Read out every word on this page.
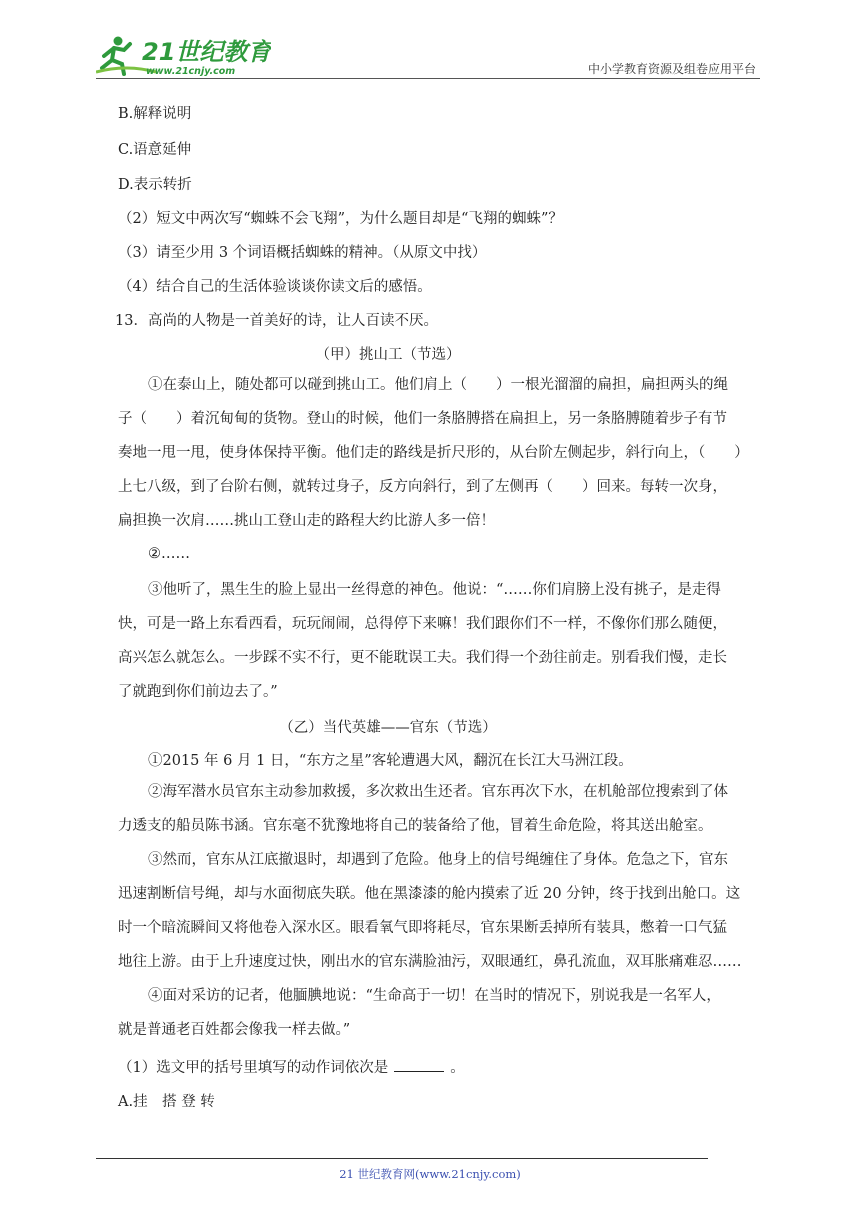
21世纪教育
www.21cnjy.com	中小学教育资源及组卷应用平台
B.解释说明
C.语意延伸
D.表示转折
（2）短文中两次写“蜘蛛不会飞翔”，为什么题目却是“飞翔的蜘蛛”？
（3）请至少用 3 个词语概括蜘蛛的精神。（从原文中找）
（4）结合自己的生活体验谈谈你读文后的感悟。
13．高尚的人物是一首美好的诗，让人百读不厌。
（甲）挑山工（节选）

①在泰山上，随处都可以碰到挑山工。他们肩上（　　）一根光溜溜的扁担，扁担两头的绳

子（　　）着沉甸甸的货物。登山的时候，他们一条胳膊搭在扁担上，另一条胳膊随着步子有节

奏地一甩一甩，使身体保持平衡。他们走的路线是折尺形的，从台阶左侧起步，斜行向上，（　　）

上七八级，到了台阶右侧，就转过身子，反方向斜行，到了左侧再（　　）回来。每转一次身，

扁担换一次肩……挑山工登山走的路程大约比游人多一倍！

②……

③他听了，黑生生的脸上显出一丝得意的神色。他说：“……你们肩膀上没有挑子，是走得

快，可是一路上东看西看，玩玩闹闹，总得停下来嘛！我们跟你们不一样，不像你们那么随便，

高兴怎么就怎么。一步踩不实不行，更不能耽误工夫。我们得一个劲往前走。别看我们慢，走长

了就跑到你们前边去了。”

（乙）当代英雄——官东（节选）
①2015 年 6 月 1 日，“东方之星”客轮遭遇大风，翻沉在长江大马洲江段。

②海军潜水员官东主动参加救援，多次救出生还者。官东再次下水，在机舱部位搜索到了体

力透支的船员陈书涵。官东毫不犹豫地将自己的装备给了他，冒着生命危险，将其送出舱室。

③然而，官东从江底撤退时，却遇到了危险。他身上的信号绳缠住了身体。危急之下，官东

迅速割断信号绳，却与水面彻底失联。他在黑漆漆的舱内摸索了近 20 分钟，终于找到出舱口。这

时一个暗流瞬间又将他卷入深水区。眼看氧气即将耗尽，官东果断丢掉所有装具，憋着一口气猛

地往上游。由于上升速度过快，刚出水的官东满脸油污，双眼通红，鼻孔流血，双耳胀痛难忍……

④面对采访的记者，他腼腆地说：“生命高于一切！在当时的情况下，别说我是一名军人，

就是普通老百姓都会像我一样去做。”

（1）选文甲的括号里填写的动作词依次是	。
A.挂　搭 登 转
21 世纪教育网(www.21cnjy.com)
